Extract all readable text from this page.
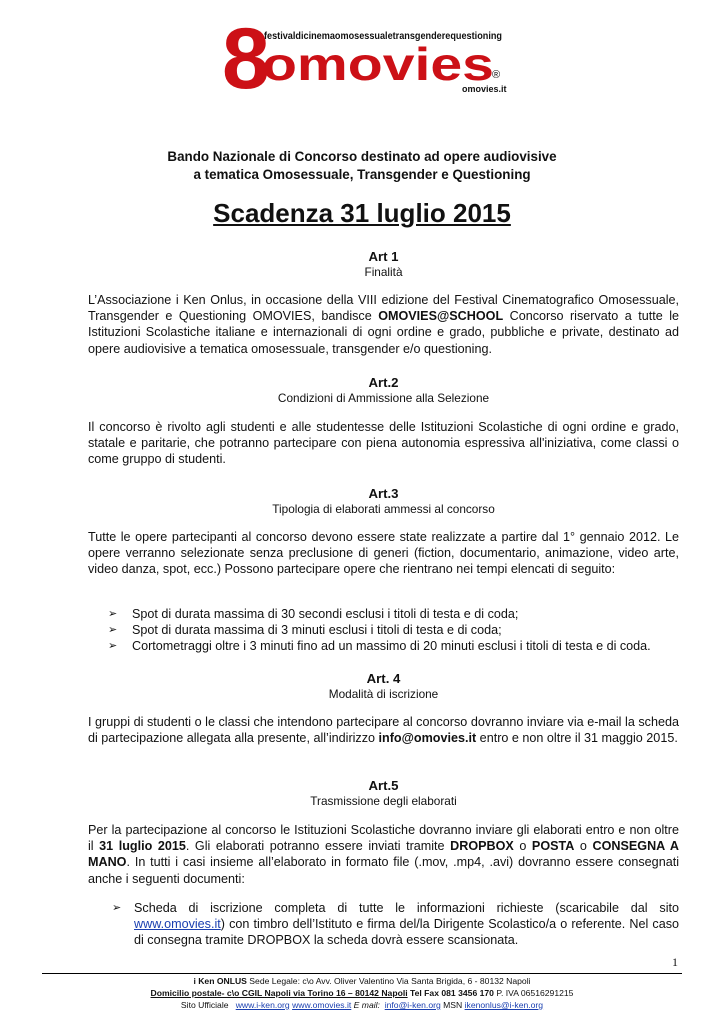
8
festivaldicinemaomosessualetransgenderequestioning
omovies
®
omovies.it
Bando Nazionale di Concorso destinato ad opere audiovisive
a tematica Omosessuale, Transgender e Questioning
Scadenza 31 luglio 2015
Art 1
Finalità
L’Associazione i Ken Onlus, in occasione della VIII edizione del Festival Cinematografico Omosessuale, Transgender e Questioning OMOVIES, bandisce OMOVIES@SCHOOL Concorso riservato a tutte le Istituzioni Scolastiche italiane e internazionali di ogni ordine e grado, pubbliche e private, destinato ad opere audiovisive a tematica omosessuale, transgender e/o questioning.
Art.2
Condizioni di Ammissione alla Selezione
Il concorso è rivolto agli studenti e alle studentesse delle Istituzioni Scolastiche di ogni ordine e grado, statale e paritarie, che potranno partecipare con piena autonomia espressiva all'iniziativa, come classi o come gruppo di studenti.
Art.3
Tipologia di elaborati ammessi al concorso
Tutte le opere partecipanti al concorso devono essere state realizzate a partire dal 1° gennaio 2012. Le opere verranno selezionate senza preclusione di generi (fiction, documentario, animazione, video arte, video danza, spot, ecc.) Possono partecipare opere che rientrano nei tempi elencati di seguito:
➢	Spot di durata massima di 30 secondi esclusi i titoli di testa e di coda;
➢	Spot di durata massima di 3 minuti esclusi i titoli di testa e di coda;
➢	Cortometraggi oltre i 3 minuti fino ad un massimo di 20 minuti esclusi i titoli di testa e di coda.
Art. 4
Modalità di iscrizione
I gruppi di studenti o le classi che intendono partecipare al concorso dovranno inviare via e-mail la scheda di partecipazione allegata alla presente, all’indirizzo info@omovies.it entro e non oltre il 31 maggio 2015.
Art.5
Trasmissione degli elaborati
Per la partecipazione al concorso le Istituzioni Scolastiche dovranno inviare gli elaborati entro e non oltre il 31 luglio 2015. Gli elaborati potranno essere inviati tramite DROPBOX o POSTA o CONSEGNA A MANO. In tutti i casi insieme all’elaborato in formato file (.mov, .mp4, .avi) dovranno essere consegnati anche i seguenti documenti:
➢	Scheda di iscrizione completa di tutte le informazioni richieste (scaricabile dal sito www.omovies.it) con timbro dell’Istituto e firma del/la Dirigente Scolastico/a o referente. Nel caso di consegna tramite DROPBOX la scheda dovrà essere scansionata.
1
i Ken ONLUS Sede Legale: c\o Avv. Oliver Valentino Via Santa Brigida, 6 - 80132 Napoli
Domicilio postale- c\o CGIL Napoli via Torino 16 – 80142 Napoli Tel Fax 081 3456 170 P. IVA 06516291215
Sito Ufficiale www.i-ken.org www.omovies.it E mail: info@i-ken.org MSN ikenonlus@i-ken.org
